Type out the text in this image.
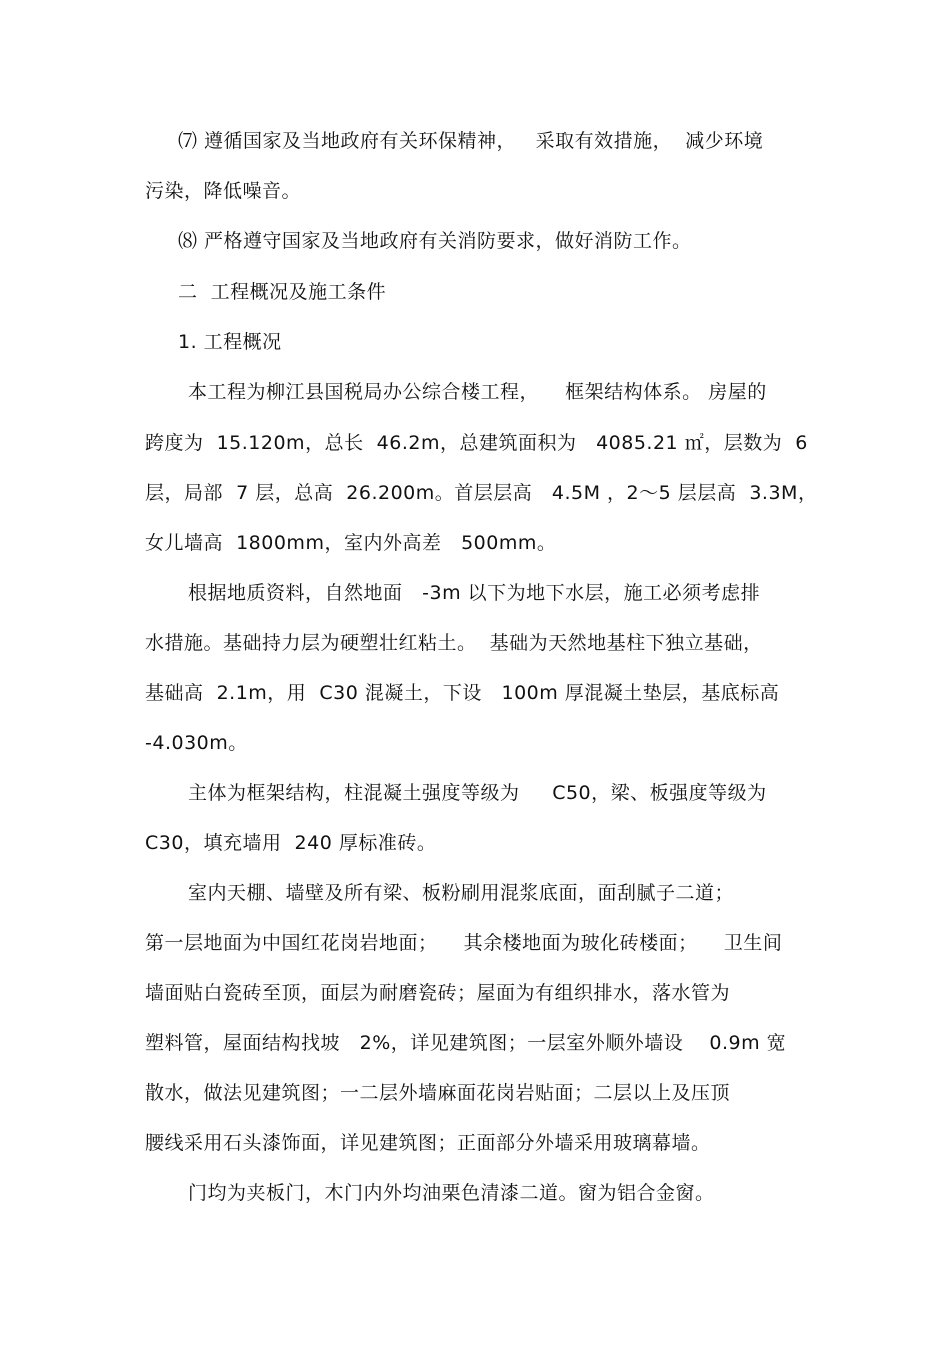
⑺ 遵循国家及当地政府有关环保精神，   采取有效措施，  减少环境
污染，降低噪音。
⑻ 严格遵守国家及当地政府有关消防要求，做好消防工作。
二  工程概况及施工条件
1. 工程概况
本工程为柳江县国税局办公综合楼工程，    框架结构体系。 房屋的
跨度为  15.120m，总长  46.2m，总建筑面积为   4085.21 ㎡，层数为  6
层，局部  7 层，总高  26.200m。首层层高   4.5M ，2～5 层层高  3.3M，
女儿墙高  1800mm，室内外高差   500mm。
根据地质资料，自然地面   -3m 以下为地下水层，施工必须考虑排
水措施。基础持力层为硬塑壮红粘土。  基础为天然地基柱下独立基础，
基础高  2.1m，用  C30 混凝土，下设   100m 厚混凝土垫层，基底标高
-4.030m。
主体为框架结构，柱混凝土强度等级为     C50，梁、板强度等级为
C30，填充墙用  240 厚标准砖。
室内天棚、墙壁及所有梁、板粉刷用混浆底面，面刮腻子二道；
第一层地面为中国红花岗岩地面；    其余楼地面为玻化砖楼面；    卫生间
墙面贴白瓷砖至顶，面层为耐磨瓷砖；屋面为有组织排水，落水管为
塑料管，屋面结构找坡   2%，详见建筑图；一层室外顺外墙设    0.9m 宽
散水，做法见建筑图；一二层外墙麻面花岗岩贴面；二层以上及压顶
腰线采用石头漆饰面，详见建筑图；正面部分外墙采用玻璃幕墙。
门均为夹板门，木门内外均油栗色清漆二道。窗为铝合金窗。
